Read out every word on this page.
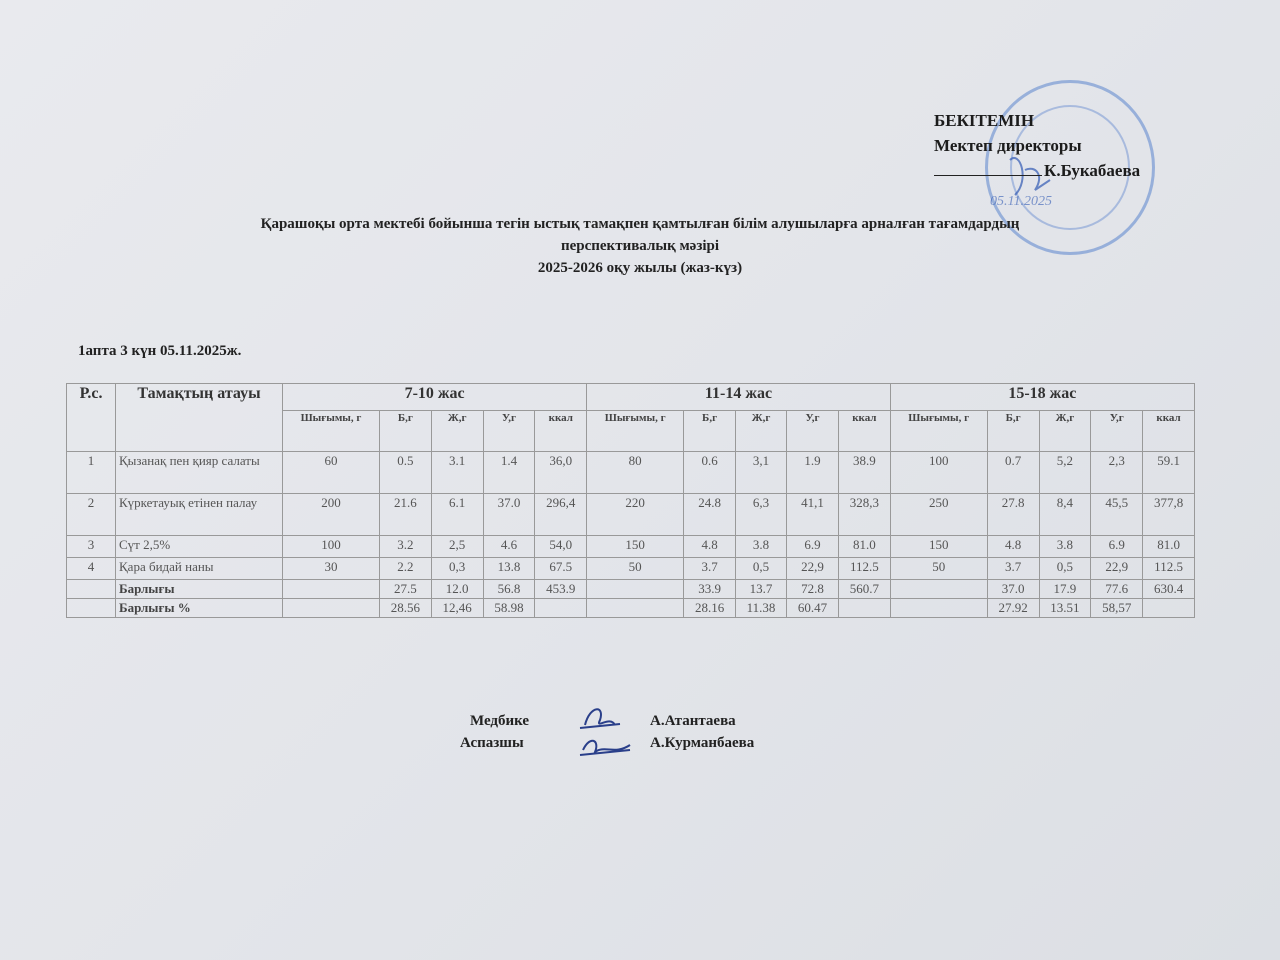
05.11.2025
БЕКІТЕМІН
Мектеп директоры
К.Букабаева
Қарашоқы орта мектебі бойынша тегін ыстық тамақпен қамтылған білім алушыларға арналған тағамдардың
перспективалық мәзірі
2025-2026 оқу жылы (жаз-күз)
1апта 3 күн 05.11.2025ж.
Р.с.	Тамақтың атауы	7-10 жас					11-14 жас					15-18 жас				
		Шығымы, г	Б,г	Ж,г	У,г	ккал	Шығымы, г	Б,г	Ж,г	У,г	ккал	Шығымы, г	Б,г	Ж,г	У,г	ккал
1	Қызанақ пен қияр салаты	60	0.5	3.1	1.4	36,0	80	0.6	3,1	1.9	38.9	100	0.7	5,2	2,3	59.1
2	Күркетауық етінен палау	200	21.6	6.1	37.0	296,4	220	24.8	6,3	41,1	328,3	250	27.8	8,4	45,5	377,8
3	Сүт 2,5%	100	3.2	2,5	4.6	54,0	150	4.8	3.8	6.9	81.0	150	4.8	3.8	6.9	81.0
4	Қара бидай наны	30	2.2	0,3	13.8	67.5	50	3.7	0,5	22,9	112.5	50	3.7	0,5	22,9	112.5
	Барлығы		27.5	12.0	56.8	453.9		33.9	13.7	72.8	560.7		37.0	17.9	77.6	630.4
	Барлығы %		28.56	12,46	58.98			28.16	11.38	60.47			27.92	13.51	58,57	
Медбике	А.Атантаева
Аспазшы	А.Курманбаева
